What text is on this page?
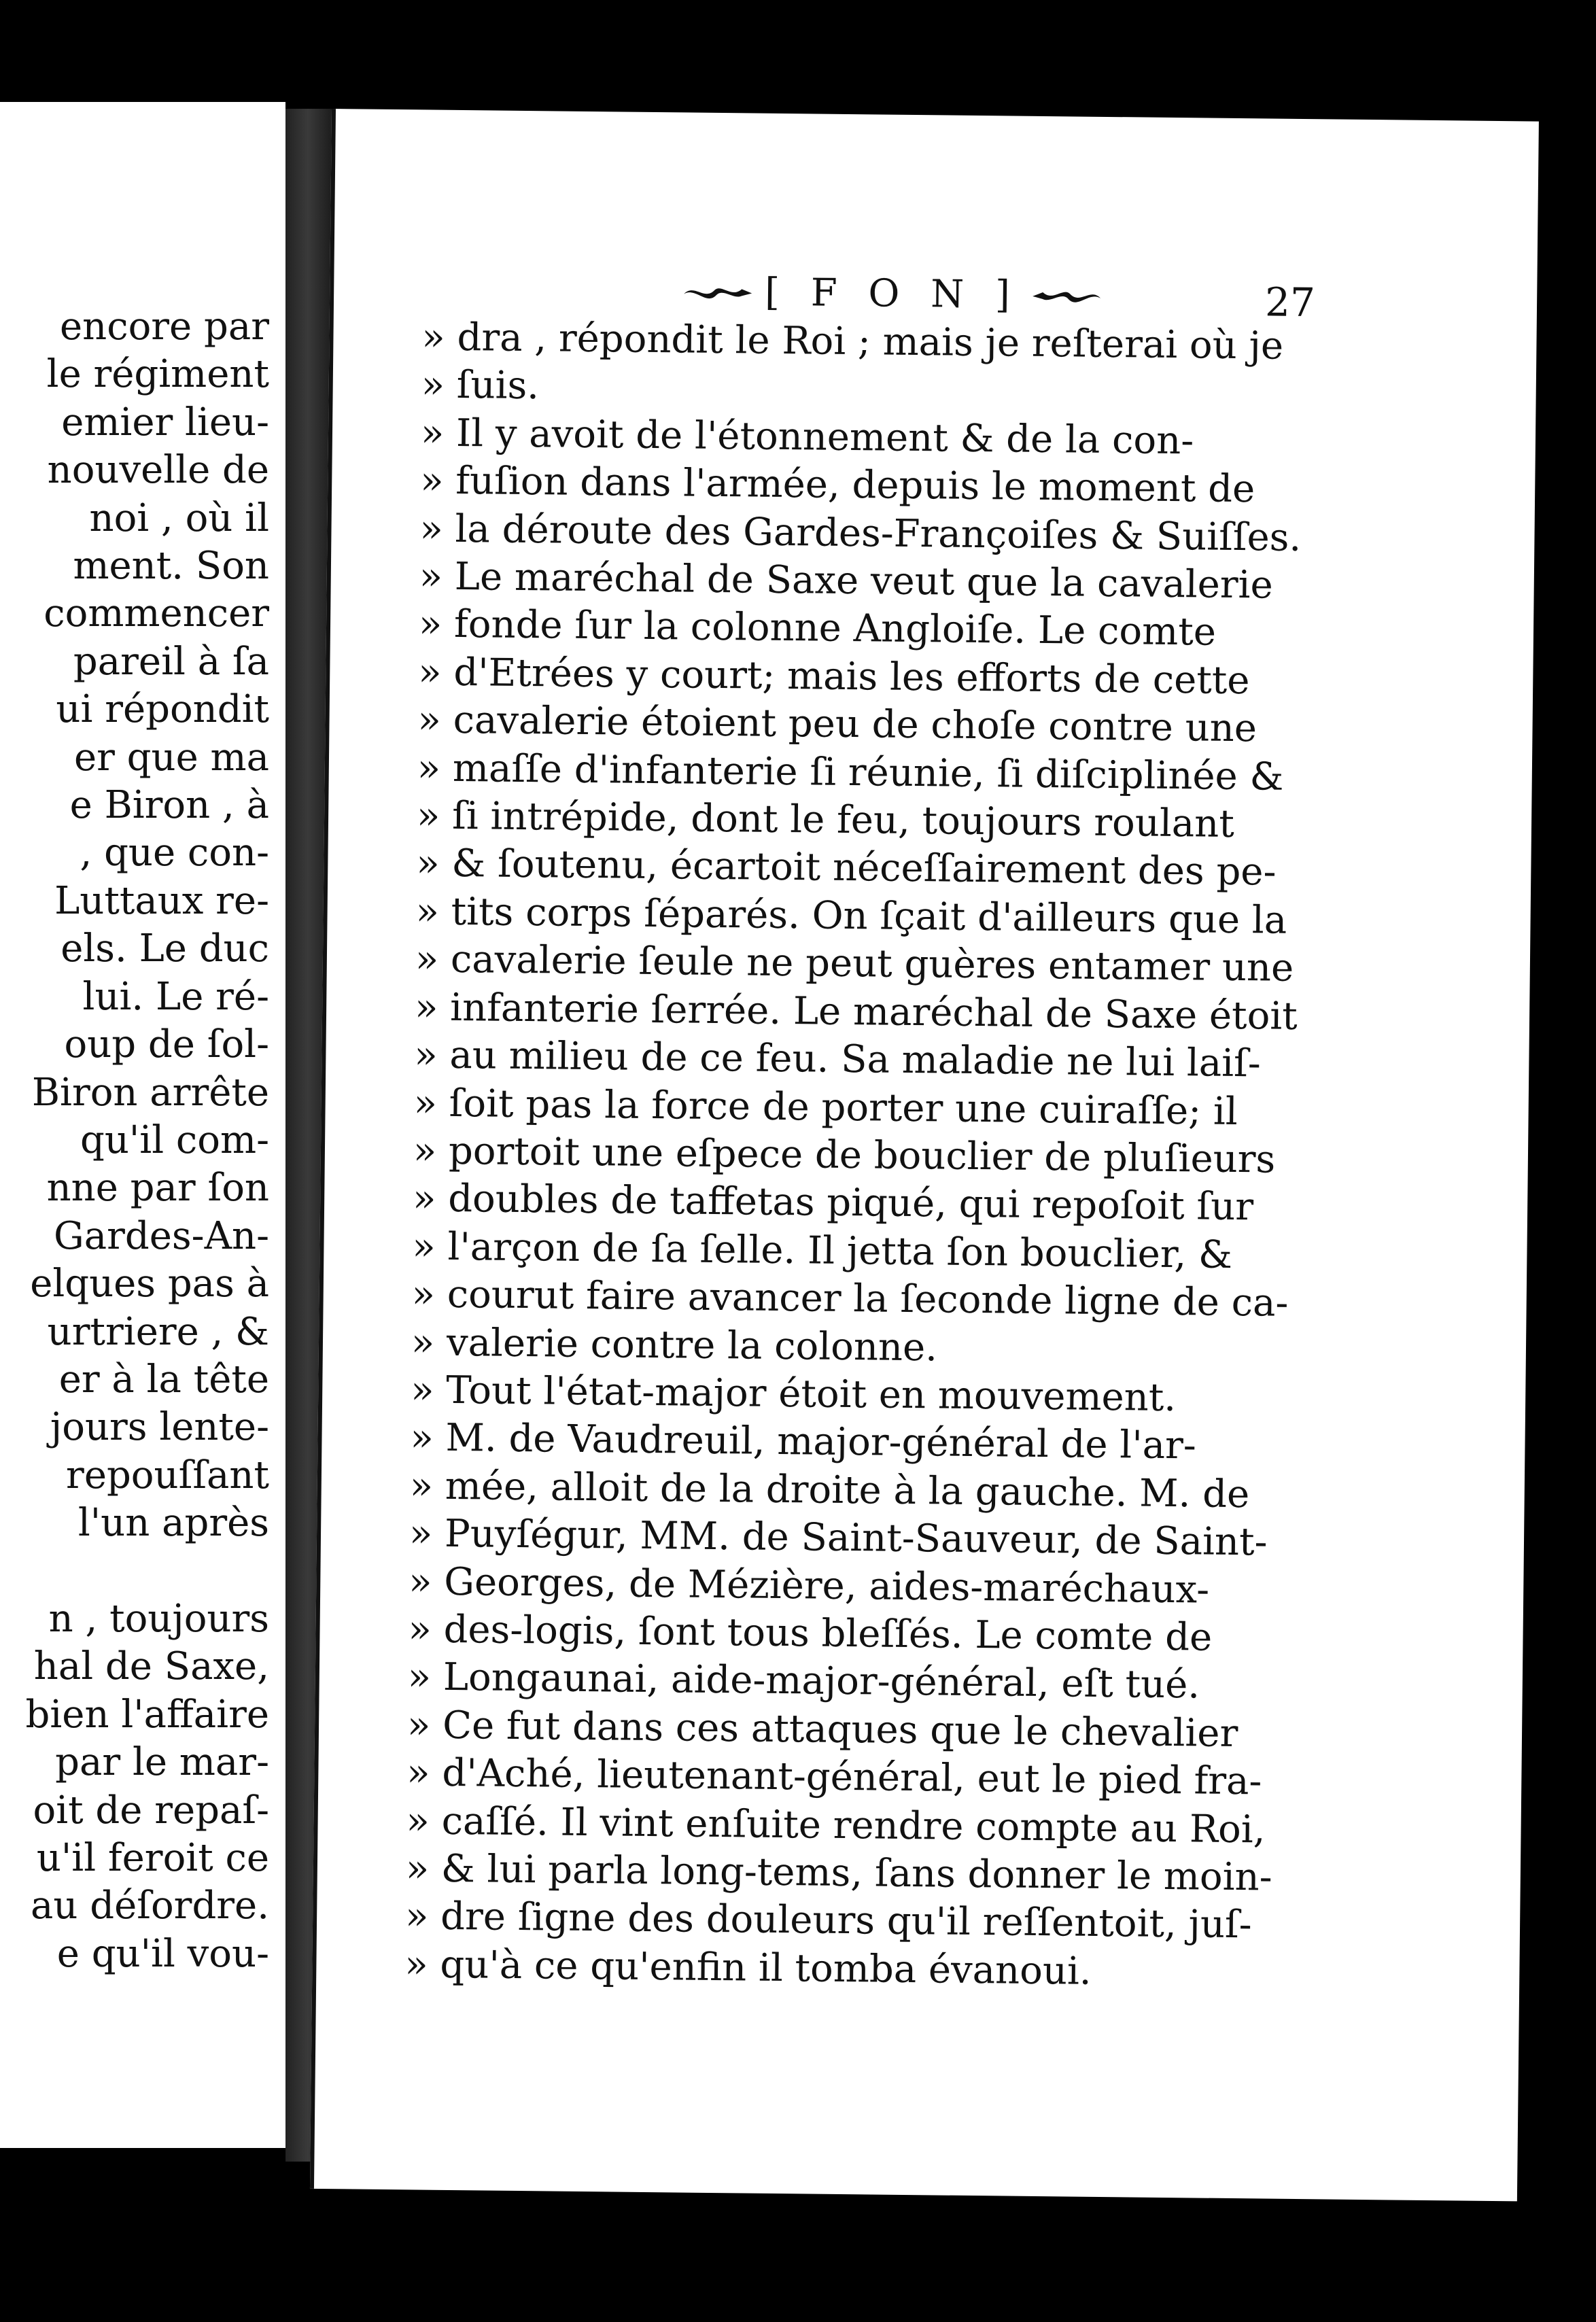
encore par
le régiment
emier lieu-
nouvelle de
noi , où il
ment. Son
commencer
pareil à ſa
ui répondit
er que ma
e Biron , à
, que con-
Luttaux re-
els. Le duc
lui. Le ré-
oup de ſol-
Biron arrête
qu'il com-
nne par ſon
Gardes-An-
elques pas à
urtriere , &
er à la tête
jours lente-
repouſſant
l'un après

n , toujours
hal de Saxe,
bien l'affaire
par le mar-
oit de repaſ-
u'il feroit ce
au déſordre.
e qu'il vou-
[ F O N ]	27
» dra , répondit le Roi ; mais je reſterai où je
» ſuis.
» Il y avoit de l'étonnement & de la con-
» fuſion dans l'armée, depuis le moment de
» la déroute des Gardes-Françoiſes & Suiſſes.
» Le maréchal de Saxe veut que la cavalerie
» fonde ſur la colonne Angloiſe. Le comte
» d'Etrées y court; mais les efforts de cette
» cavalerie étoient peu de choſe contre une
» maſſe d'infanterie ſi réunie, ſi diſciplinée &
» ſi intrépide, dont le feu, toujours roulant
» & ſoutenu, écartoit néceſſairement des pe-
» tits corps ſéparés. On ſçait d'ailleurs que la
» cavalerie ſeule ne peut guères entamer une
» infanterie ſerrée. Le maréchal de Saxe étoit
» au milieu de ce feu. Sa maladie ne lui laiſ-
» ſoit pas la force de porter une cuiraſſe; il
» portoit une eſpece de bouclier de pluſieurs
» doubles de taffetas piqué, qui repoſoit ſur
» l'arçon de ſa ſelle. Il jetta ſon bouclier, &
» courut faire avancer la ſeconde ligne de ca-
» valerie contre la colonne.
» Tout l'état-major étoit en mouvement.
» M. de Vaudreuil, major-général de l'ar-
» mée, alloit de la droite à la gauche. M. de
» Puyſégur, MM. de Saint-Sauveur, de Saint-
» Georges, de Mézière, aides-maréchaux-
» des-logis, ſont tous bleſſés. Le comte de
» Longaunai, aide-major-général, eſt tué.
» Ce fut dans ces attaques que le chevalier
» d'Aché, lieutenant-général, eut le pied fra-
» caſſé. Il vint enſuite rendre compte au Roi,
» & lui parla long-tems, ſans donner le moin-
» dre ſigne des douleurs qu'il reſſentoit, juſ-
» qu'à ce qu'enfin il tomba évanoui.
